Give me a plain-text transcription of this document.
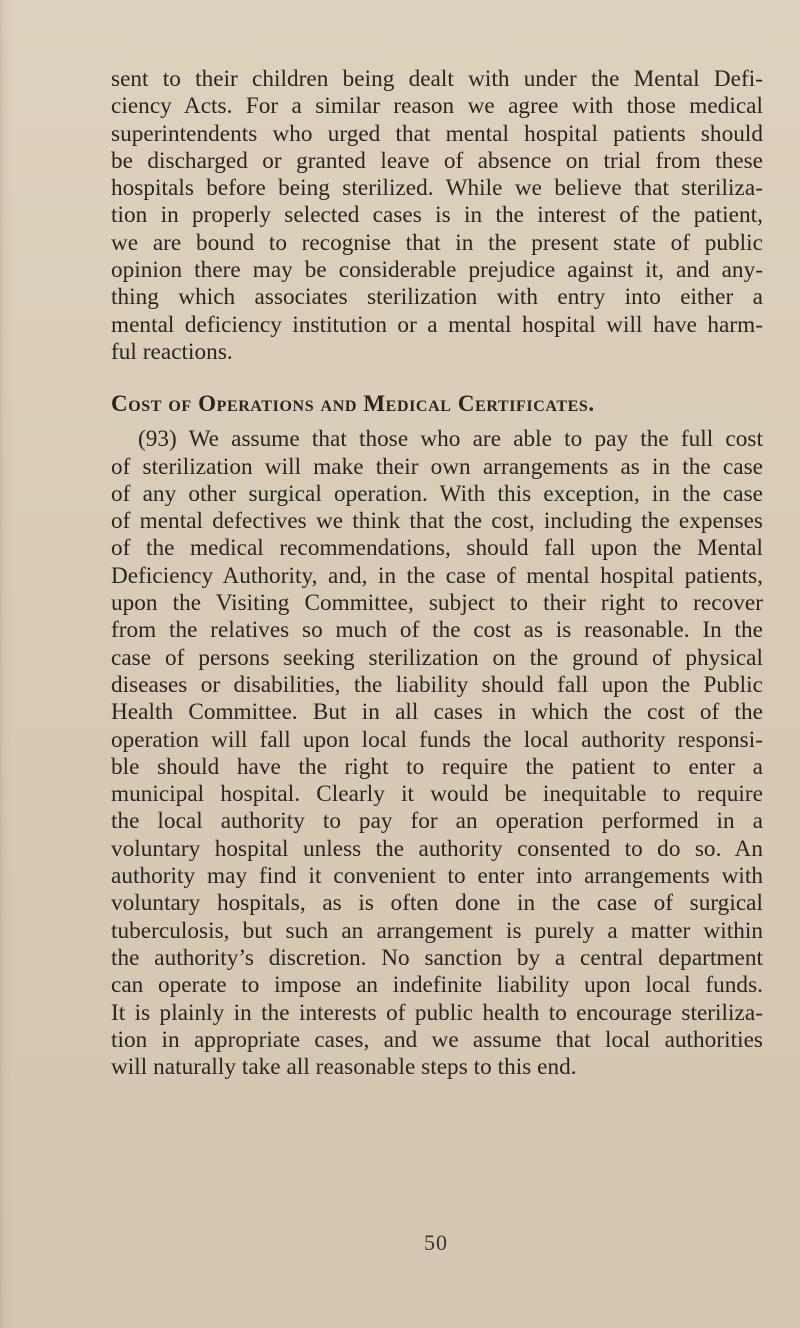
sent to their children being dealt with under the Mental Defi-
ciency Acts. For a similar reason we agree with those medical
superintendents who urged that mental hospital patients should
be discharged or granted leave of absence on trial from these
hospitals before being sterilized. While we believe that steriliza-
tion in properly selected cases is in the interest of the patient,
we are bound to recognise that in the present state of public
opinion there may be considerable prejudice against it, and any-
thing which associates sterilization with entry into either a
mental deficiency institution or a mental hospital will have harm-
ful reactions.

Cost of Operations and Medical Certificates.

(93) We assume that those who are able to pay the full cost
of sterilization will make their own arrangements as in the case
of any other surgical operation. With this exception, in the case
of mental defectives we think that the cost, including the expenses
of the medical recommendations, should fall upon the Mental
Deficiency Authority, and, in the case of mental hospital patients,
upon the Visiting Committee, subject to their right to recover
from the relatives so much of the cost as is reasonable. In the
case of persons seeking sterilization on the ground of physical
diseases or disabilities, the liability should fall upon the Public
Health Committee. But in all cases in which the cost of the
operation will fall upon local funds the local authority responsi-
ble should have the right to require the patient to enter a
municipal hospital. Clearly it would be inequitable to require
the local authority to pay for an operation performed in a
voluntary hospital unless the authority consented to do so. An
authority may find it convenient to enter into arrangements with
voluntary hospitals, as is often done in the case of surgical
tuberculosis, but such an arrangement is purely a matter within
the authority’s discretion. No sanction by a central department
can operate to impose an indefinite liability upon local funds.
It is plainly in the interests of public health to encourage steriliza-
tion in appropriate cases, and we assume that local authorities
will naturally take all reasonable steps to this end.

50
